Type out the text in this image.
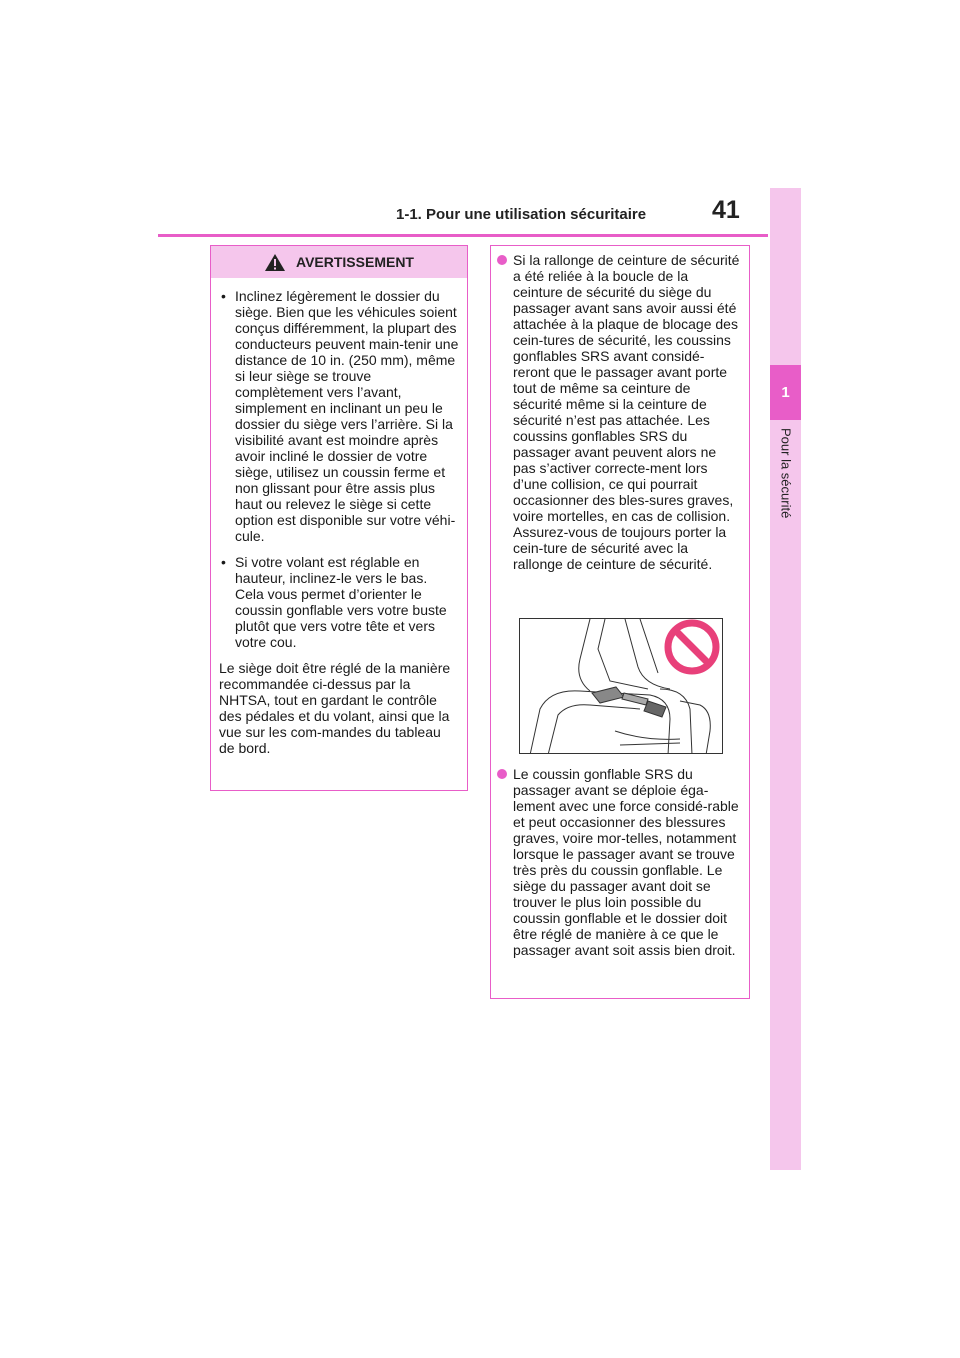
1
Pour la sécurité
1-1. Pour une utilisation sécuritaire	41
AVERTISSEMENT
• Inclinez légèrement le dossier du siège. Bien que les véhicules soient conçus différemment, la plupart des conducteurs peuvent main-tenir une distance de 10 in. (250 mm), même si leur siège se trouve complètement vers l’avant, simplement en inclinant un peu le dossier du siège vers l’arrière. Si la visibilité avant est moindre après avoir incliné le dossier de votre siège, utilisez un coussin ferme et non glissant pour être assis plus haut ou relevez le siège si cette option est disponible sur votre véhi-cule.
• Si votre volant est réglable en hauteur, inclinez-le vers le bas. Cela vous permet d’orienter le coussin gonflable vers votre buste plutôt que vers votre tête et vers votre cou.

Le siège doit être réglé de la manière recommandée ci-dessus par la NHTSA, tout en gardant le contrôle des pédales et du volant, ainsi que la vue sur les com-mandes du tableau de bord.

Si la rallonge de ceinture de sécurité a été reliée à la boucle de la ceinture de sécurité du siège du passager avant sans avoir aussi été attachée à la plaque de blocage des cein-tures de sécurité, les coussins gonflables SRS avant considé-reront que le passager avant porte tout de même sa ceinture de sécurité même si la ceinture de sécurité n’est pas attachée. Les coussins gonflables SRS du passager avant peuvent alors ne pas s’activer correcte-ment lors d’une collision, ce qui pourrait occasionner des bles-sures graves, voire mortelles, en cas de collision. Assurez-vous de toujours porter la cein-ture de sécurité avec la rallonge de ceinture de sécurité.
Le coussin gonflable SRS du passager avant se déploie éga-lement avec une force considé-rable et peut occasionner des blessures graves, voire mor-telles, notamment lorsque le passager avant se trouve très près du coussin gonflable. Le siège du passager avant doit se trouver le plus loin possible du coussin gonflable et le dossier doit être réglé de manière à ce que le passager avant soit assis bien droit.
